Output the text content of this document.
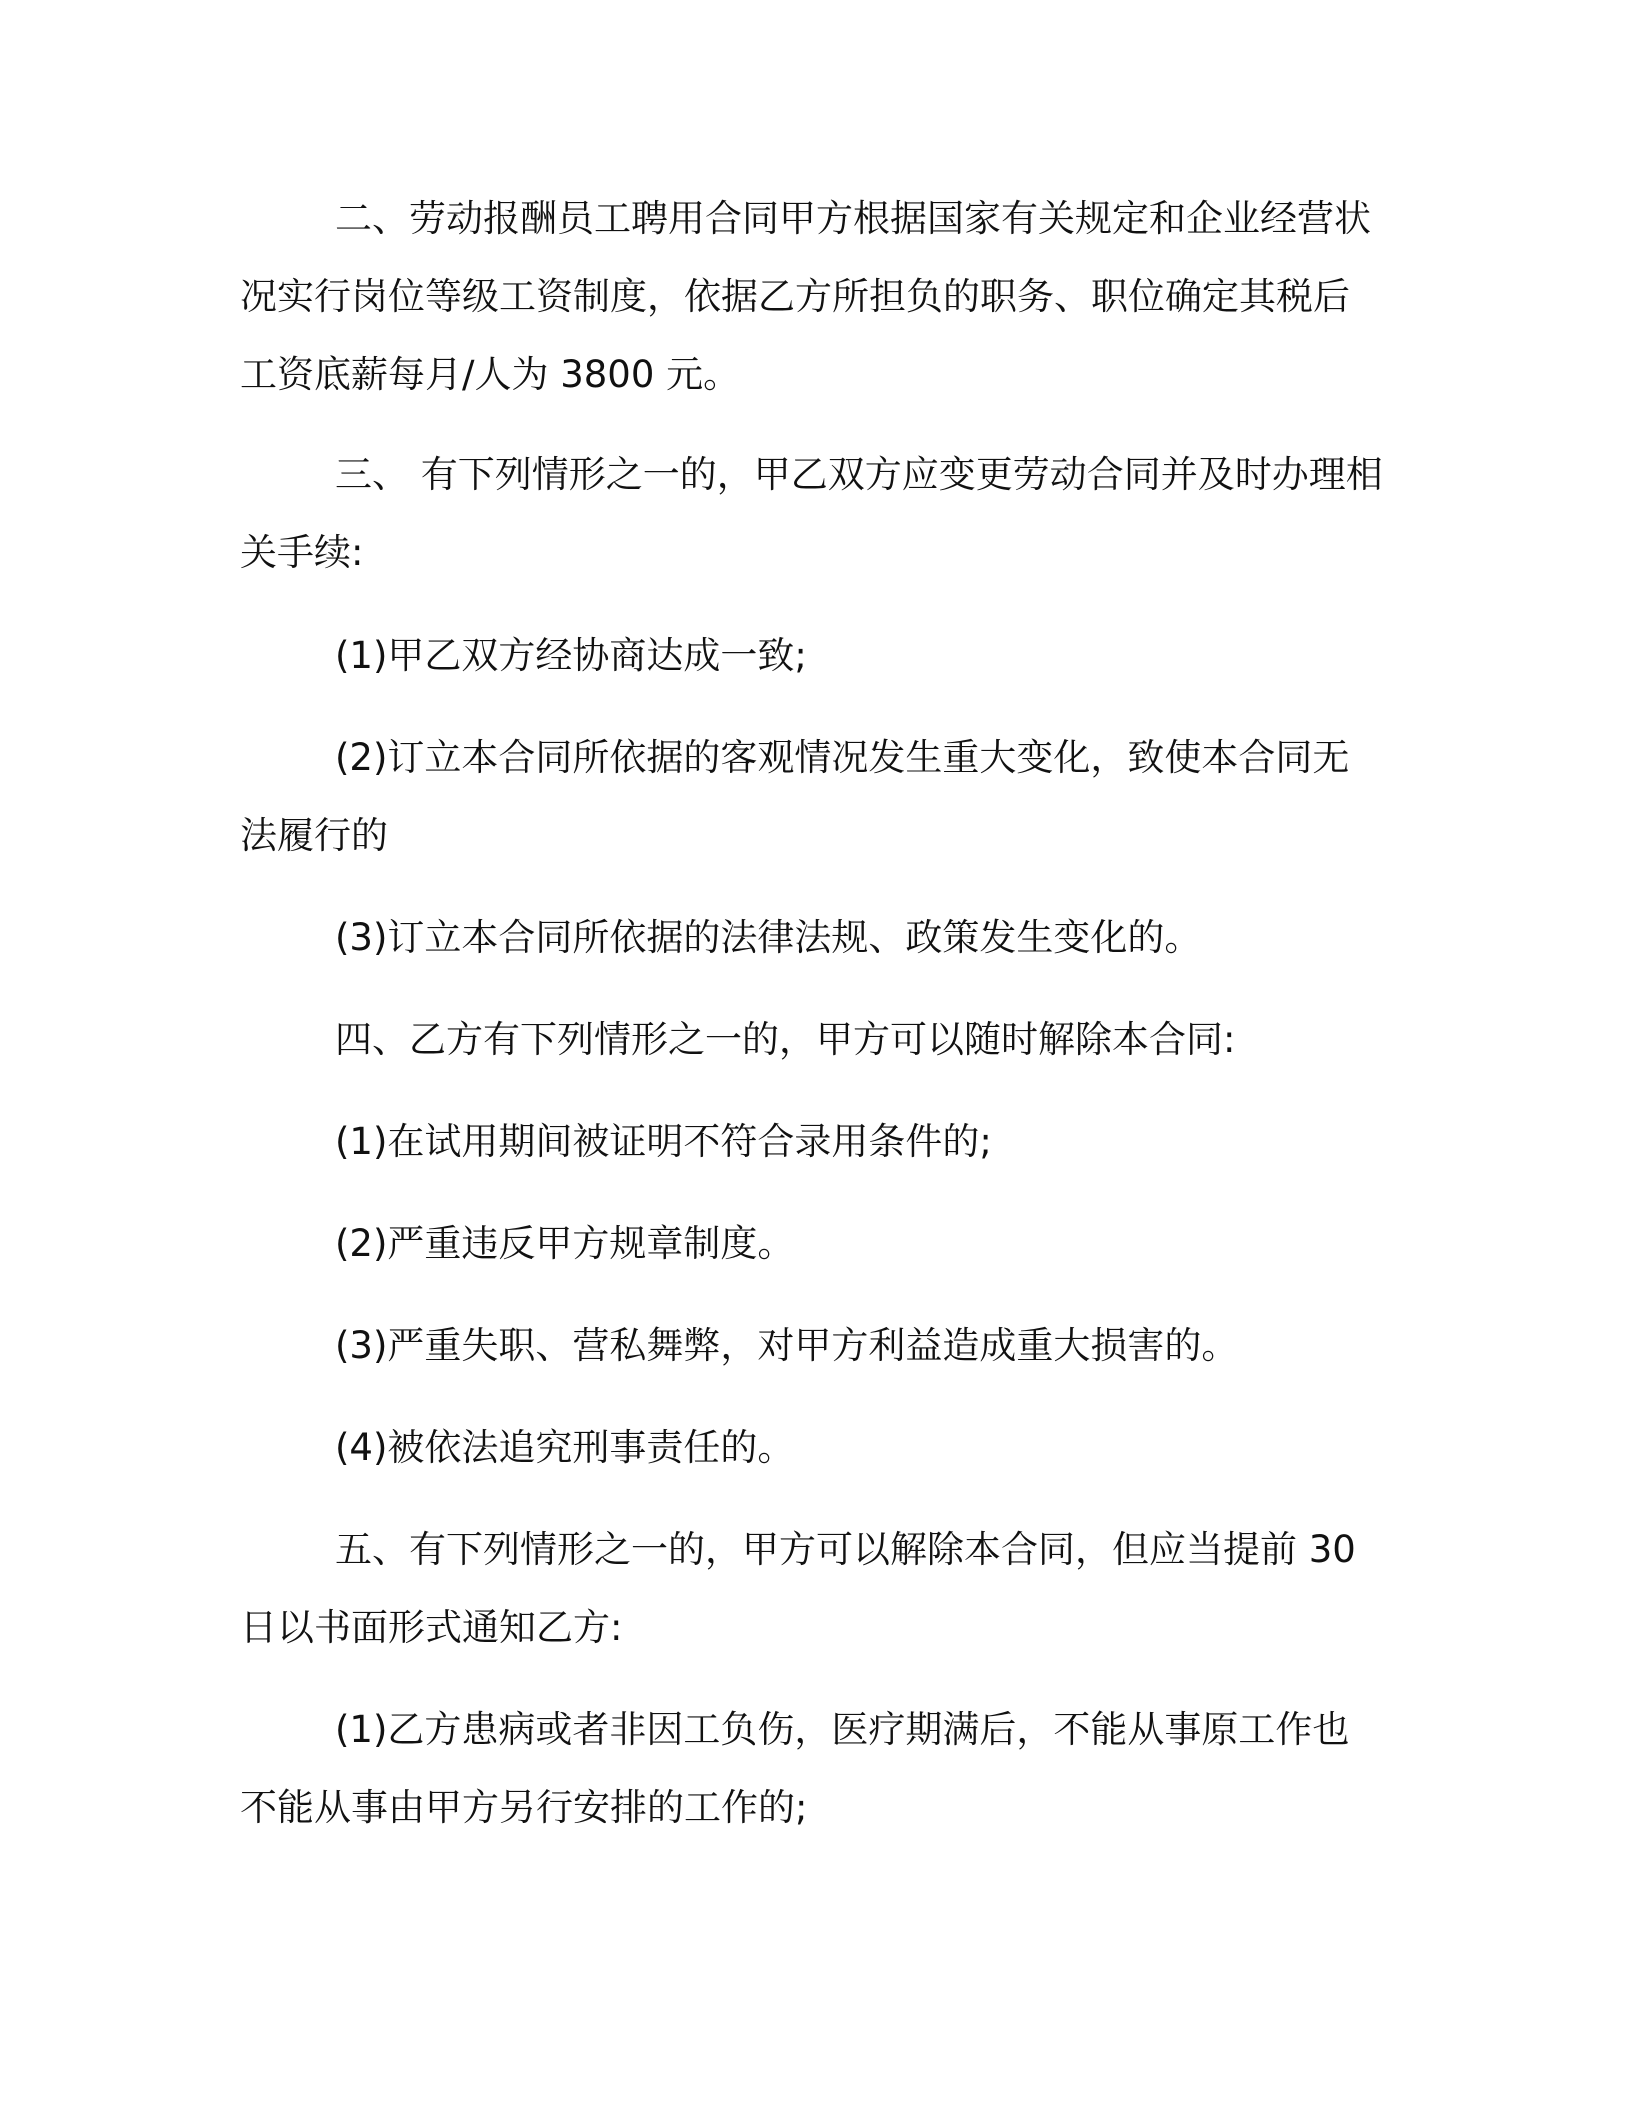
二、劳动报酬员工聘用合同甲方根据国家有关规定和企业经营状
况实行岗位等级工资制度，依据乙方所担负的职务、职位确定其税后
工资底薪每月/人为 3800 元。

三、 有下列情形之一的，甲乙双方应变更劳动合同并及时办理相
关手续:

(1)甲乙双方经协商达成一致;

(2)订立本合同所依据的客观情况发生重大变化，致使本合同无
法履行的

(3)订立本合同所依据的法律法规、政策发生变化的。

四、乙方有下列情形之一的，甲方可以随时解除本合同:

(1)在试用期间被证明不符合录用条件的;

(2)严重违反甲方规章制度。

(3)严重失职、营私舞弊，对甲方利益造成重大损害的。

(4)被依法追究刑事责任的。

五、有下列情形之一的，甲方可以解除本合同，但应当提前 30
日以书面形式通知乙方:

(1)乙方患病或者非因工负伤，医疗期满后，不能从事原工作也
不能从事由甲方另行安排的工作的;
